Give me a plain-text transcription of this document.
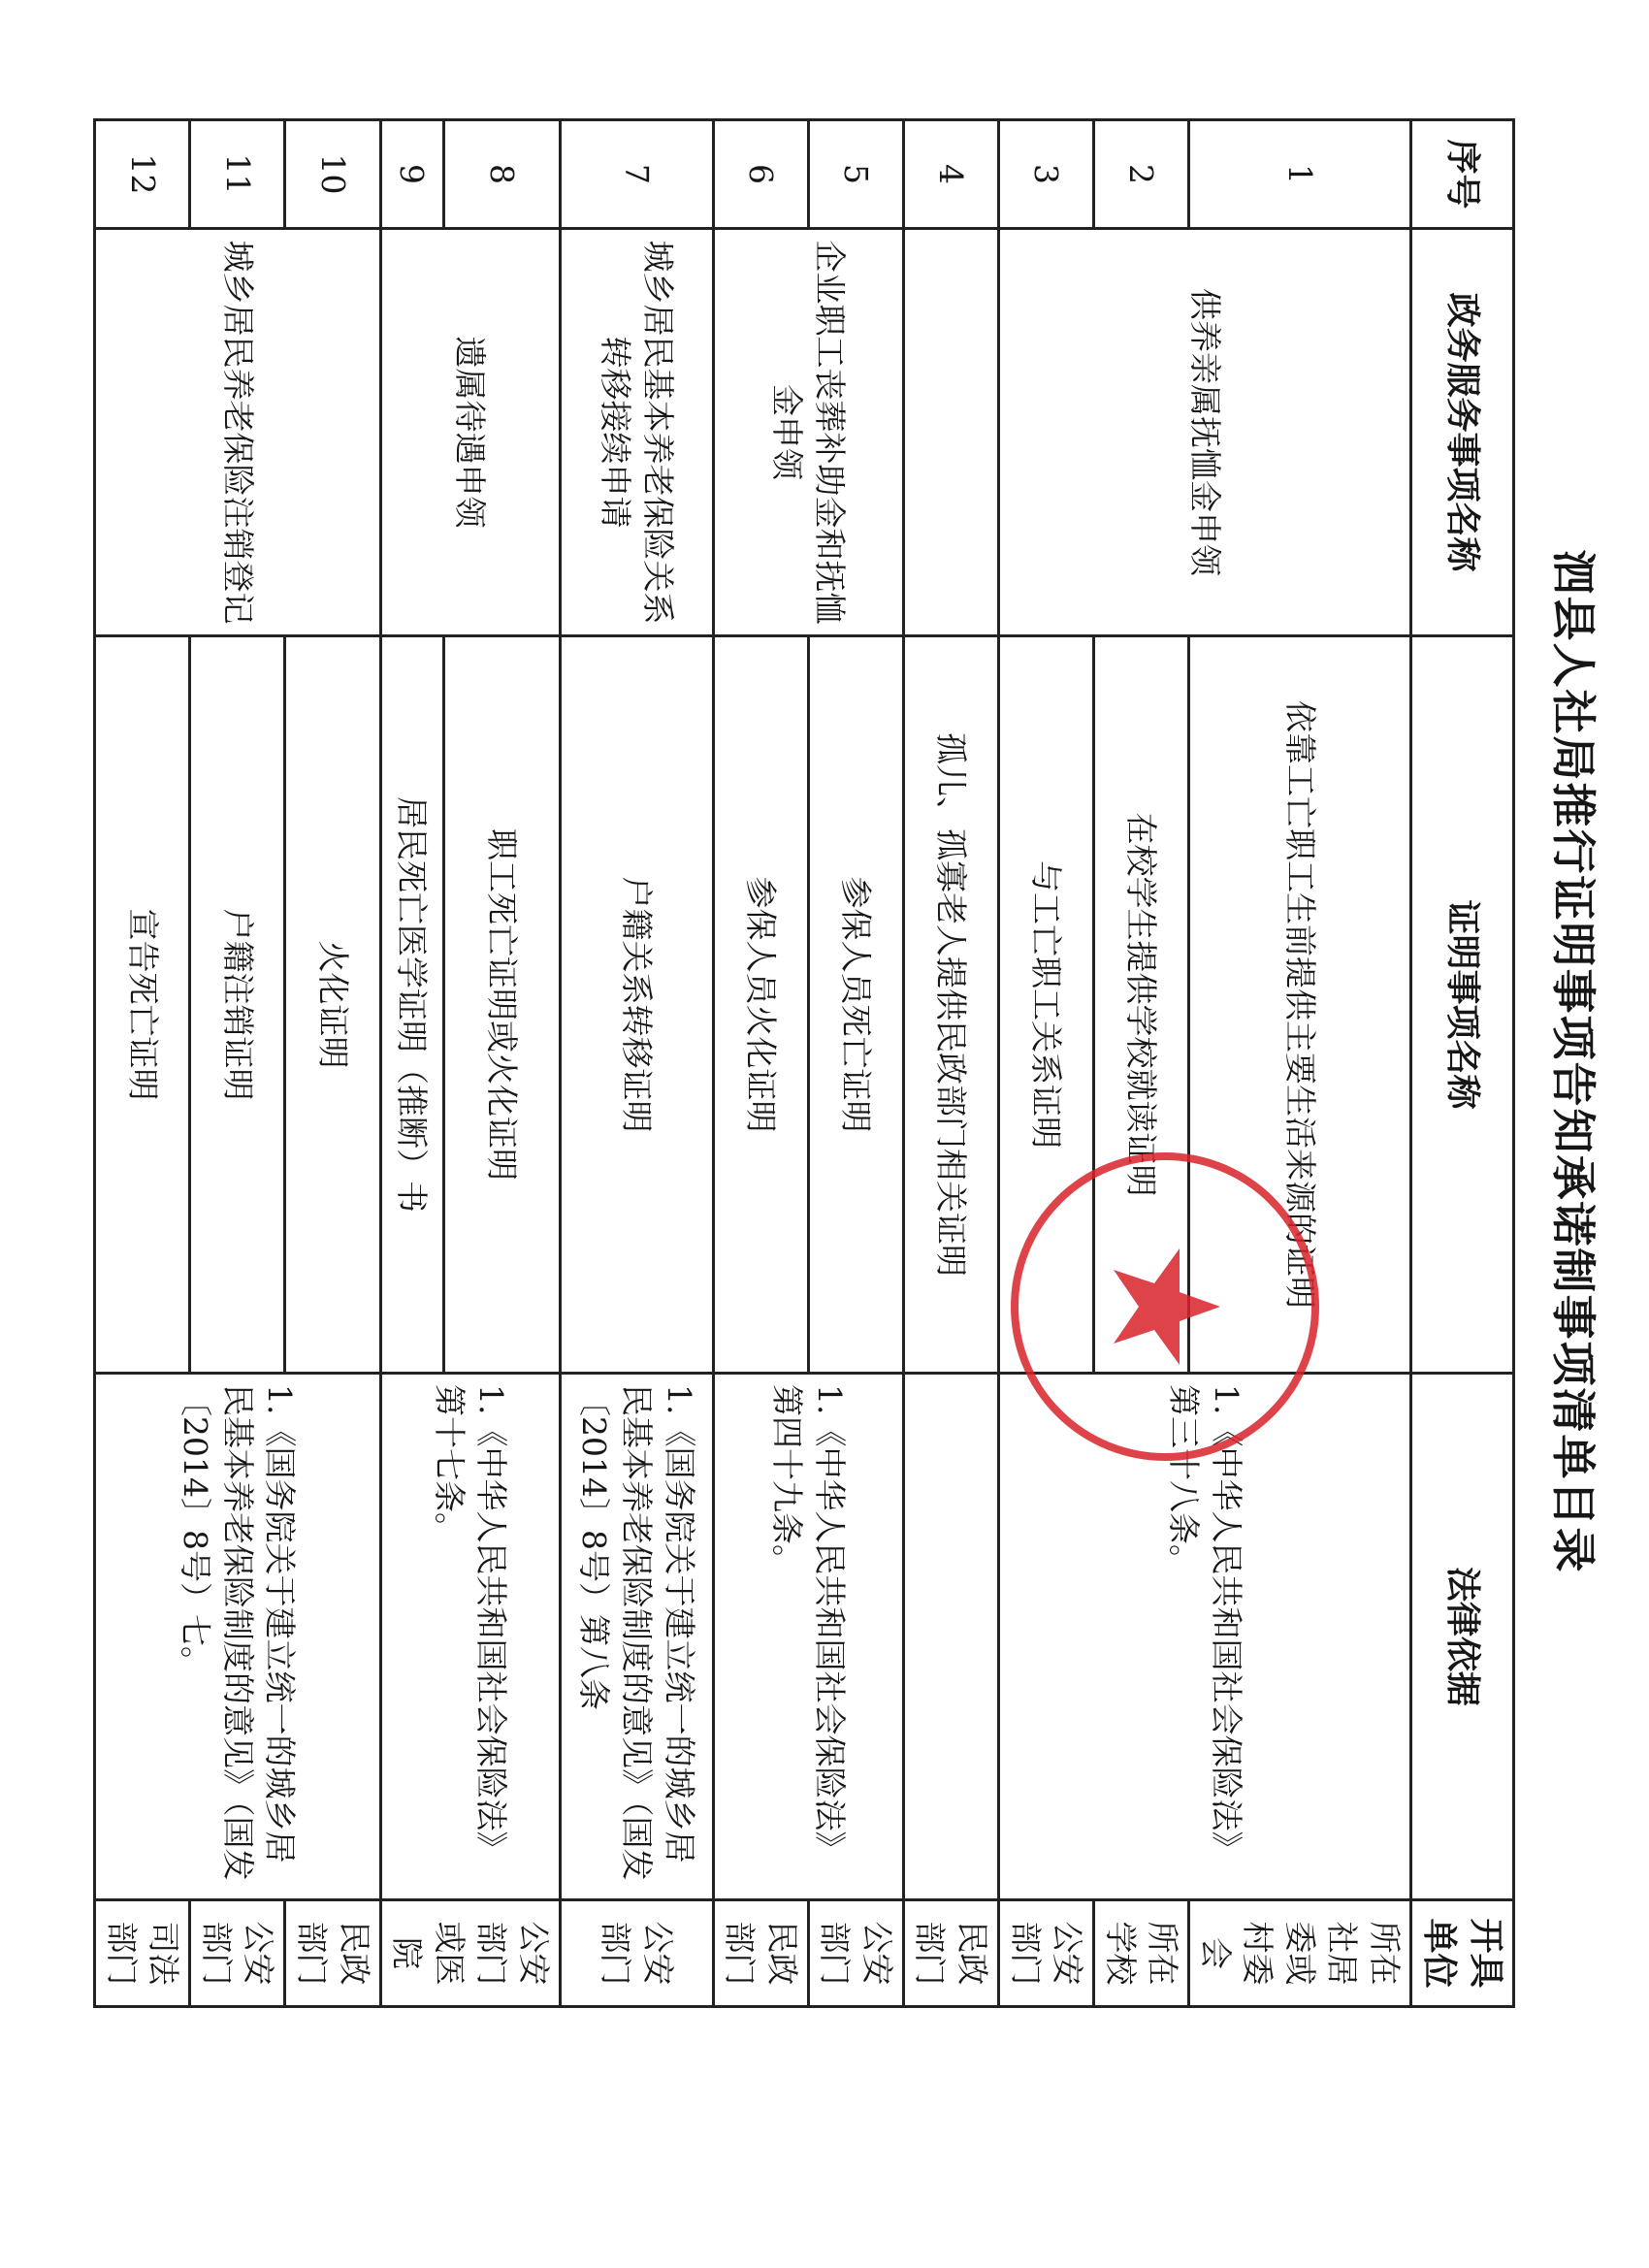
泗县人社局推行证明事项告知承诺制事项清单目录
序号	政务服务事项名称	证明事项名称	法律依据	开具单位
1	供养亲属抚恤金申领	依靠工亡职工生前提供主要生活来源的证明	1.《中华人民共和国社会保险法》第三十八条。	所在社居委或村委会
2		在校学生提供学校就读证明		所在学校
3		与工亡职工关系证明		公安部门
4		孤儿、孤寡老人提供民政部门相关证明		民政部门
5	企业职工丧葬补助金和抚恤金申领	参保人员死亡证明	1.《中华人民共和国社会保险法》第四十九条。	公安部门
6		参保人员火化证明		民政部门
7	城乡居民基本养老保险关系转移接续申请	户籍关系转移证明	1.《国务院关于建立统一的城乡居民基本养老保险制度的意见》（国发〔2014〕8号）第八条	公安部门
8	遗属待遇申领	职工死亡证明或火化证明	1.《中华人民共和国社会保险法》第十七条。	公安部门或医院
9		居民死亡医学证明（推断）书		
10	城乡居民养老保险注销登记	火化证明	1.《国务院关于建立统一的城乡居民基本养老保险制度的意见》（国发〔2014〕8号）七。	民政部门
11		户籍注销证明		公安部门
12		宣告死亡证明		司法部门
